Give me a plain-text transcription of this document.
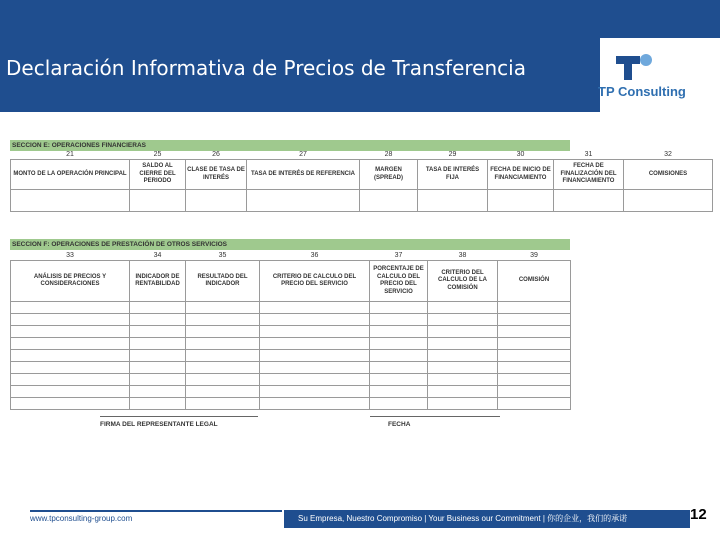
Declaración Informativa de Precios de Transferencia
TP Consulting
SECCION E: OPERACIONES FINANCIERAS
21	25	26	27	28	29	30	31	32
MONTO DE LA OPERACIÓN PRINCIPAL	SALDO AL CIERRE DEL PERIODO	CLASE DE TASA DE INTERÉS	TASA DE INTERÉS DE REFERENCIA	MARGEN (SPREAD)	TASA DE INTERÉS FIJA	FECHA DE INICIO DE FINANCIAMIENTO	FECHA DE FINALIZACIÓN DEL FINANCIAMIENTO	COMISIONES

SECCION F: OPERACIONES DE PRESTACIÓN DE OTROS SERVICIOS
33	34	35	36	37	38	39
ANÁLISIS DE PRECIOS Y CONSIDERACIONES	INDICADOR DE RENTABILIDAD	RESULTADO DEL INDICADOR	CRITERIO DE CALCULO DEL PRECIO DEL SERVICIO	PORCENTAJE DE CALCULO DEL PRECIO DEL SERVICIO	CRITERIO DEL CALCULO DE LA COMISIÓN	COMISIÓN

FIRMA DEL REPRESENTANTE LEGAL	FECHA
www.tpconsulting-group.com	Su Empresa, Nuestro Compromiso | Your Business our Commitment | 你的企业，我们的承诺	12
